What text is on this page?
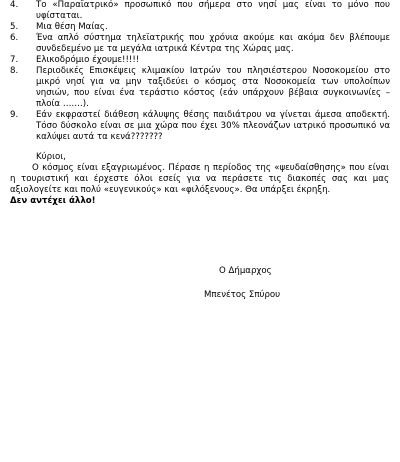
4.	Το «Παραϊατρικό» προσωπικό που σήμερα στο νησί μας είναι το μόνο που υφίσταται.
5.	Μια θέση Μαίας.
6.	Ένα απλό σύστημα τηλεϊατρικής που χρόνια ακούμε και ακόμα δεν βλέπουμε συνδεδεμένο με τα μεγάλα ιατρικά Κέντρα της Χώρας μας.
7.	Ελικοδρόμιο έχουμε!!!!!
8.	Περιοδικές Επισκέψεις κλιμακίου Ιατρών του πλησιέστερου Νοσοκομείου στο μικρό νησί για να μην ταξιδεύει ο κόσμος στα Νοσοκομεία των υπολοίπων νησιών, που είναι ένα τεράστιο κόστος (εάν υπάρχουν βέβαια συγκοινωνίες – πλοία …….).
9.	Εάν εκφραστεί διάθεση κάλυψης θέσης παιδιάτρου να γίνεται άμεσα αποδεκτή. Τόσο δύσκολο είναι σε μια χώρα που έχει 30% πλεονάζων ιατρικό προσωπικό να καλύψει αυτά τα κενά???????
Κύριοι,
Ο κόσμος είναι εξαγριωμένος. Πέρασε η περίοδος της «ψευδαίσθησης» που είναι η τουριστική και έρχεστε όλοι εσείς για να περάσετε τις διακοπές σας και μας αξιολογείτε και πολύ «ευγενικούς» και «φιλόξενους». Θα υπάρξει έκρηξη.
Δεν αντέχει άλλο!
Ο Δήμαρχος
Μπενέτος Σπύρου
